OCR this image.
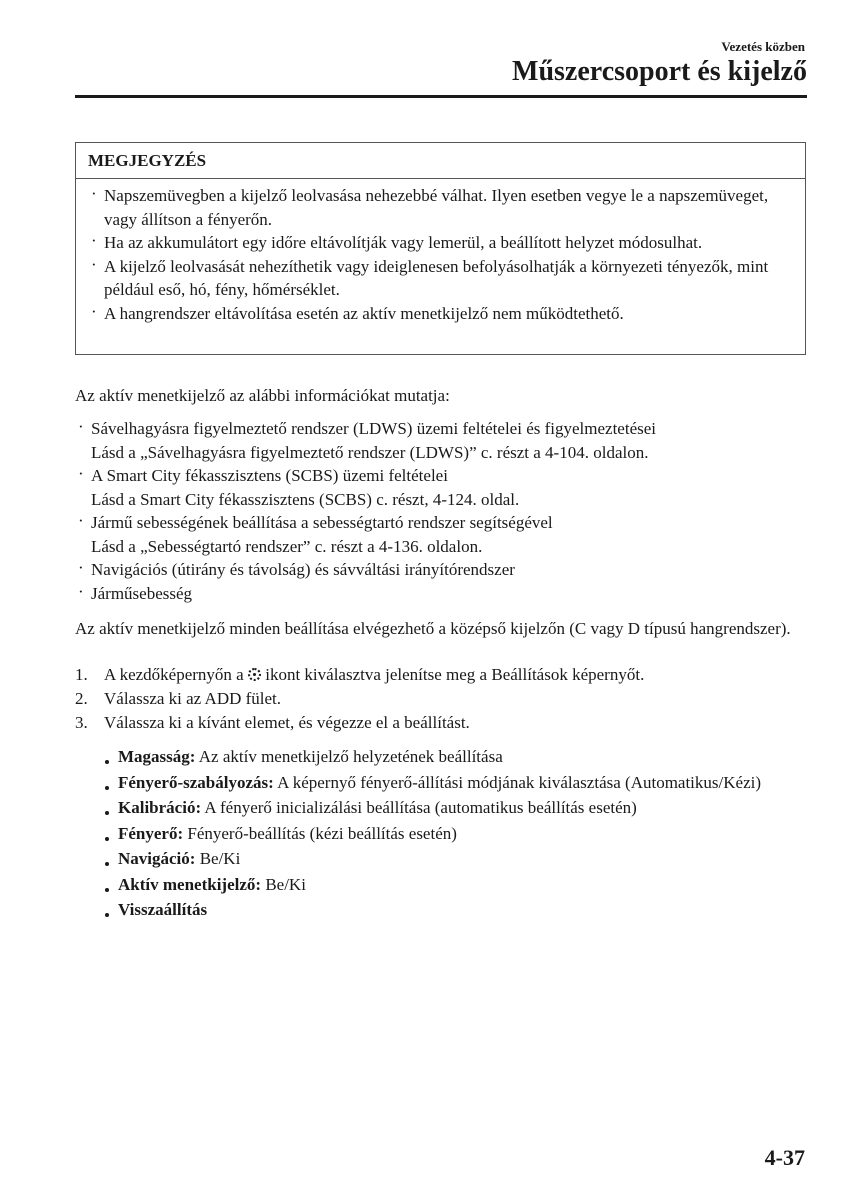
Vezetés közben
Műszercsoport és kijelző
MEGJEGYZÉS
· Napszemüvegben a kijelző leolvasása nehezebbé válhat. Ilyen esetben vegye le a napszemüveget, vagy állítson a fényerőn.
· Ha az akkumulátort egy időre eltávolítják vagy lemerül, a beállított helyzet módosulhat.
· A kijelző leolvasását nehezíthetik vagy ideiglenesen befolyásolhatják a környezeti tényezők, mint például eső, hó, fény, hőmérséklet.
· A hangrendszer eltávolítása esetén az aktív menetkijelző nem működtethető.

Az aktív menetkijelző az alábbi információkat mutatja:

· Sávelhagyásra figyelmeztető rendszer (LDWS) üzemi feltételei és figyelmeztetései
Lásd a „Sávelhagyásra figyelmeztető rendszer (LDWS)” c. részt a 4-104. oldalon.
· A Smart City fékasszisztens (SCBS) üzemi feltételei
Lásd a Smart City fékasszisztens (SCBS) c. részt, 4-124. oldal.
· Jármű sebességének beállítása a sebességtartó rendszer segítségével
Lásd a „Sebességtartó rendszer” c. részt a 4-136. oldalon.
· Navigációs (útirány és távolság) és sávváltási irányítórendszer
· Járműsebesség

Az aktív menetkijelző minden beállítása elvégezhető a középső kijelzőn (C vagy D típusú hangrendszer).

1. A kezdőképernyőn a  ikont kiválasztva jelenítse meg a Beállítások képernyőt.
2. Válassza ki az ADD fület.
3. Válassza ki a kívánt elemet, és végezze el a beállítást.
Magasság: Az aktív menetkijelző helyzetének beállítása
Fényerő-szabályozás: A képernyő fényerő-állítási módjának kiválasztása (Automatikus/Kézi)
Kalibráció: A fényerő inicializálási beállítása (automatikus beállítás esetén)
Fényerő: Fényerő-beállítás (kézi beállítás esetén)
Navigáció: Be/Ki
Aktív menetkijelző: Be/Ki
Visszaállítás
4-37
